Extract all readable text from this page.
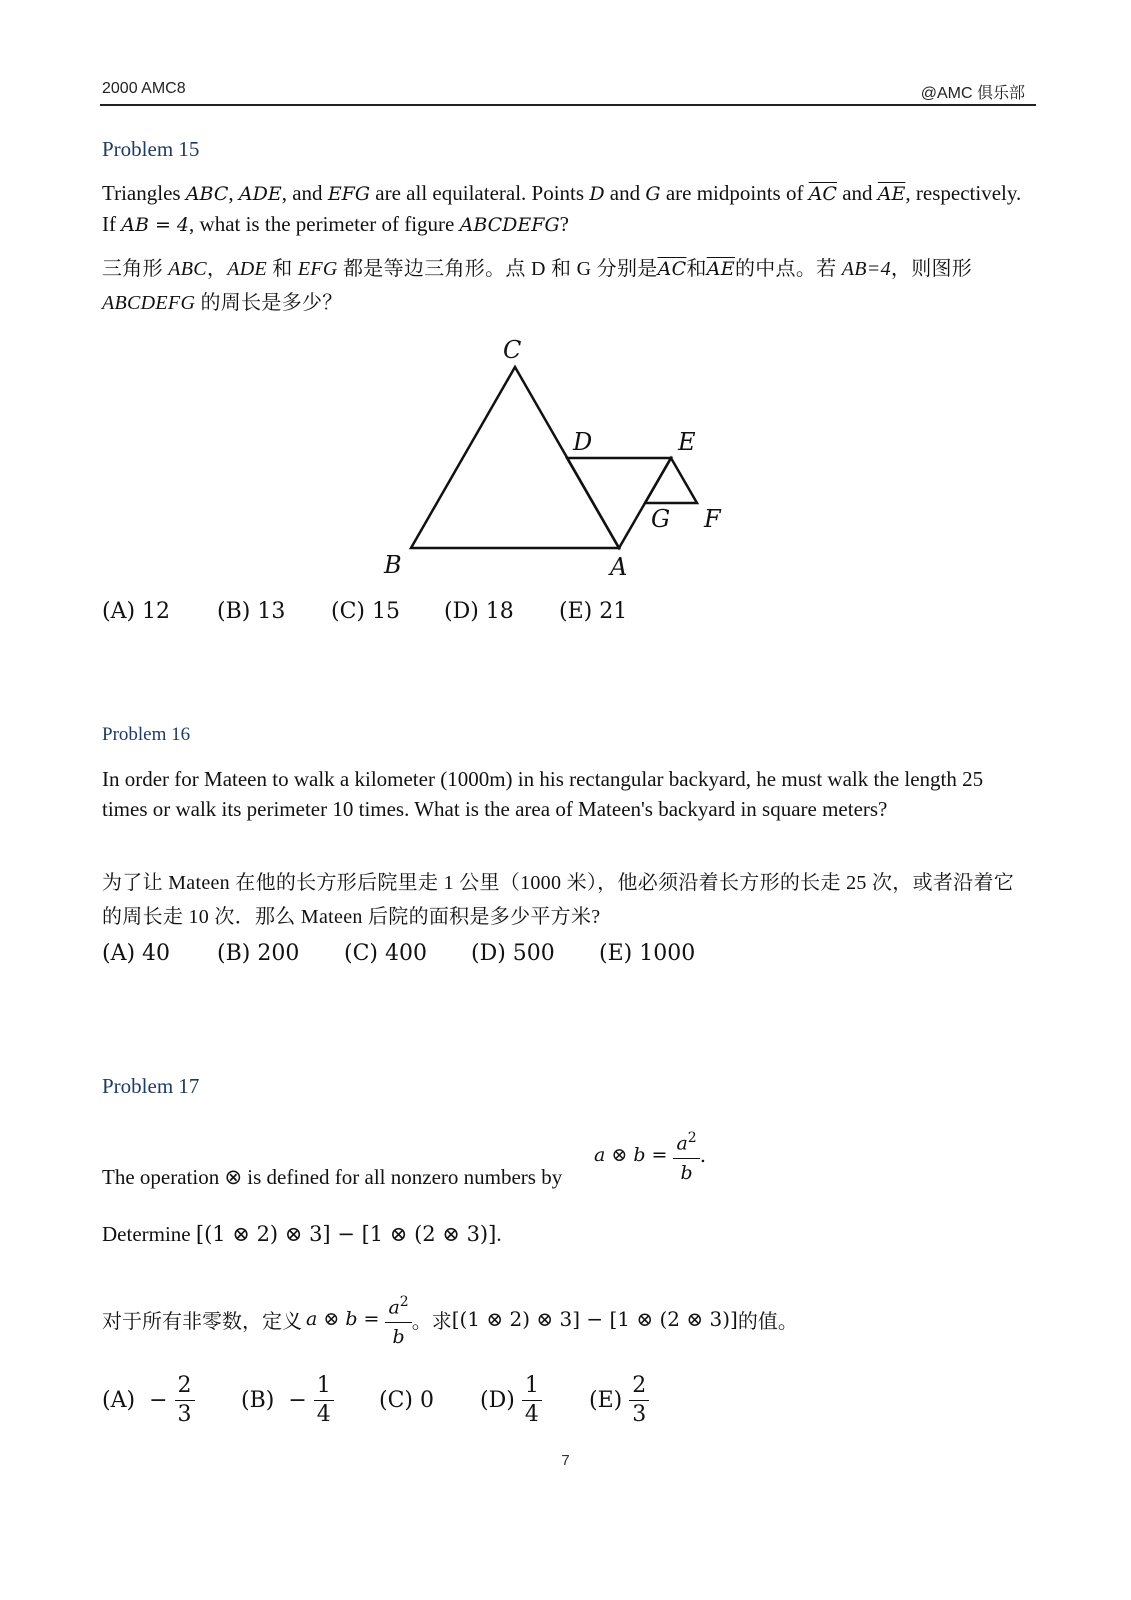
2000 AMC8	@AMC 俱乐部
Problem 15
Triangles ABC, ADE, and EFG are all equilateral. Points D and G are midpoints of $\overline{AC}$ and $\overline{AE}$, respectively. If AB = 4, what is the perimeter of figure ABCDEFG?
三角形 ABC，ADE 和 EFG 都是等边三角形。点 D 和 G 分别是$\overline{AC}$和$\overline{AE}$的中点。若 AB=4，则图形 ABCDEFG 的周长是多少？
C
D	E
G F
B	A
(A) 12 (B) 13 (C) 15 (D) 18 (E) 21
Problem 16
In order for Mateen to walk a kilometer (1000m) in his rectangular backyard, he must walk the length 25 times or walk its perimeter 10 times. What is the area of Mateen's backyard in square meters?
为了让 Mateen 在他的长方形后院里走 1 公里（1000 米），他必须沿着长方形的长走 25 次，或者沿着它的周长走 10 次．那么 Mateen 后院的面积是多少平方米?
(A) 40 (B) 200 (C) 400 (D) 500 (E) 1000
Problem 17
The operation ⊗ is defined for all nonzero numbers by
a ⊗ $b = \frac{a^2}{b}$ .
Determine [(1 ⊗ 2) ⊗ 3] − [1 ⊗ (2 ⊗ 3)].
对于所有非零数，定义 a ⊗ $b = \frac{a^2}{b}$ 。求 [(1 ⊗ 2) ⊗ 3] − [1 ⊗ (2 ⊗ 3)] 的值。
(A)
−
$\frac{2}{3} (B)$
−
$\frac{1}{4} (C)$ 0	(D)
$\frac{1}{4} (E)$
$\frac{2}{3}$
7
